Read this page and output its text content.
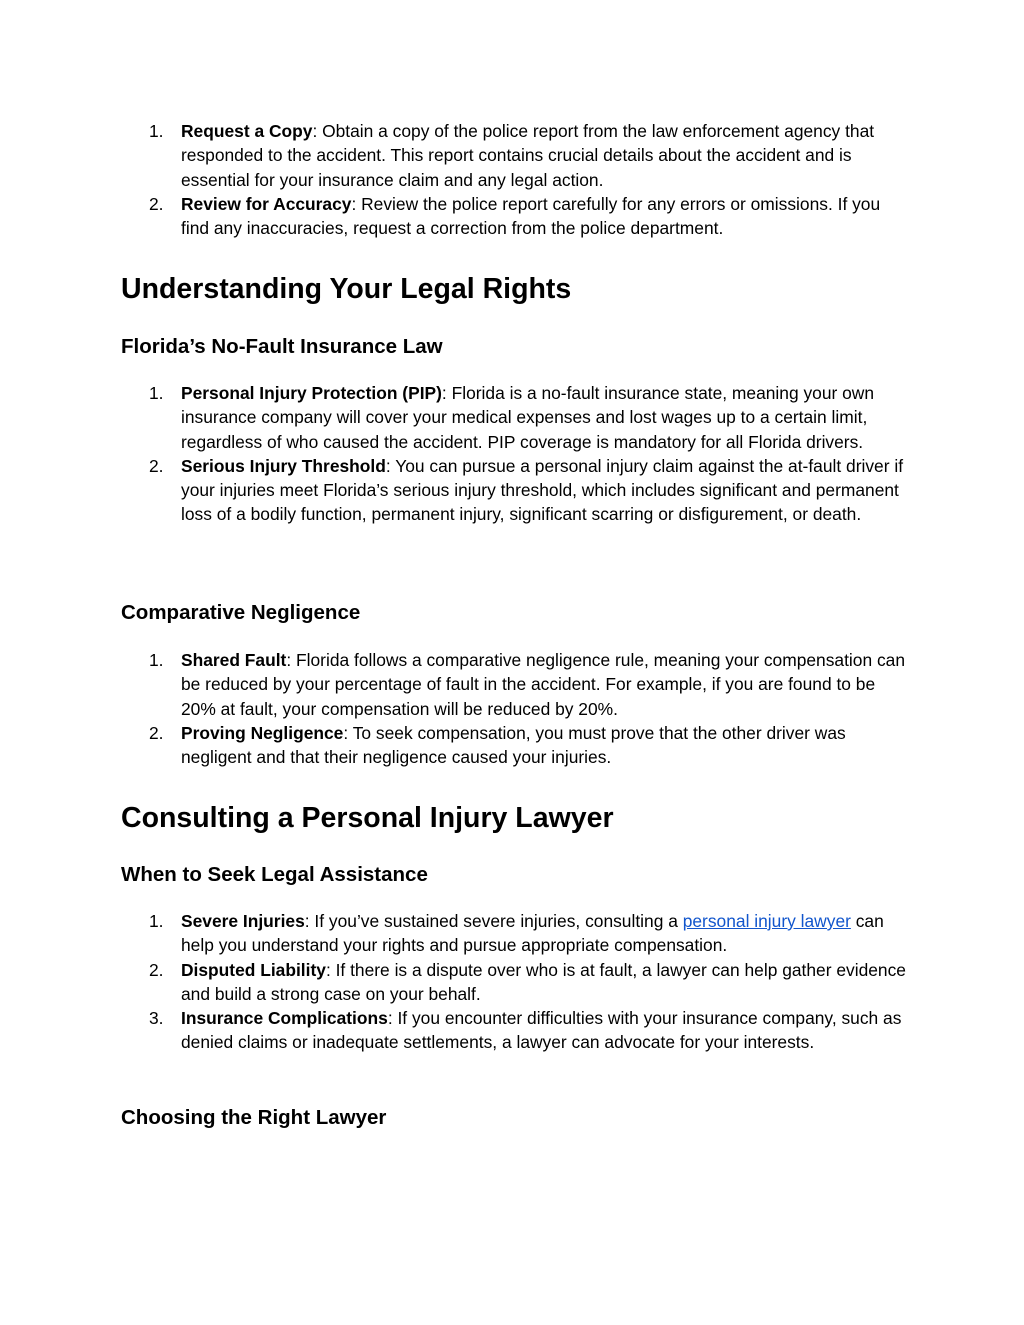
1. Request a Copy: Obtain a copy of the police report from the law enforcement agency that responded to the accident. This report contains crucial details about the accident and is essential for your insurance claim and any legal action.
2. Review for Accuracy: Review the police report carefully for any errors or omissions. If you find any inaccuracies, request a correction from the police department.
Understanding Your Legal Rights
Florida’s No-Fault Insurance Law
1. Personal Injury Protection (PIP): Florida is a no-fault insurance state, meaning your own insurance company will cover your medical expenses and lost wages up to a certain limit, regardless of who caused the accident. PIP coverage is mandatory for all Florida drivers.
2. Serious Injury Threshold: You can pursue a personal injury claim against the at-fault driver if your injuries meet Florida’s serious injury threshold, which includes significant and permanent loss of a bodily function, permanent injury, significant scarring or disfigurement, or death.
Comparative Negligence
1. Shared Fault: Florida follows a comparative negligence rule, meaning your compensation can be reduced by your percentage of fault in the accident. For example, if you are found to be 20% at fault, your compensation will be reduced by 20%.
2. Proving Negligence: To seek compensation, you must prove that the other driver was negligent and that their negligence caused your injuries.
Consulting a Personal Injury Lawyer
When to Seek Legal Assistance
1. Severe Injuries: If you’ve sustained severe injuries, consulting a personal injury lawyer can help you understand your rights and pursue appropriate compensation.
2. Disputed Liability: If there is a dispute over who is at fault, a lawyer can help gather evidence and build a strong case on your behalf.
3. Insurance Complications: If you encounter difficulties with your insurance company, such as denied claims or inadequate settlements, a lawyer can advocate for your interests.
Choosing the Right Lawyer
